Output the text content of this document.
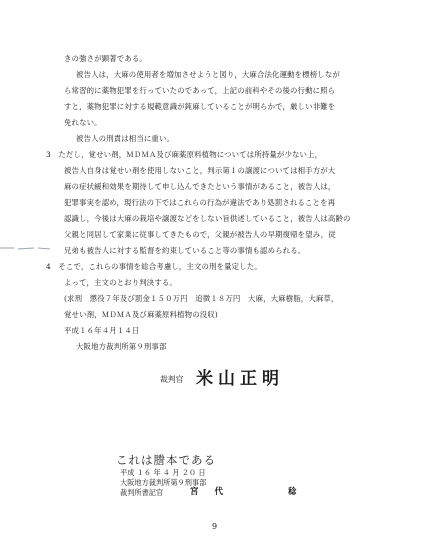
きの強さが顕著である。
被告人は，大麻の使用者を増加させようと図り，大麻合法化運動を標榜しなが
ら常習的に薬物犯罪を行っていたのであって，上記の前科やその後の行動に照ら
すと，薬物犯罪に対する規範意識が鈍麻していることが明らかで，厳しい非難を
免れない。
被告人の刑責は相当に重い。
3　ただし，覚せい剤，ＭＤＭＡ及び麻薬原料植物については所持量が少ない上，
被告人自身は覚せい剤を使用しないこと，判示第１の譲渡については相手方が大
麻の症状緩和効果を期待して申し込んできたという事情があること，被告人は，
犯罪事実を認め，現行法の下ではこれらの行為が違法であり処罰されることを再
認識し，今後は大麻の栽培や譲渡などをしない旨供述していること，被告人は高齢の
父親と同居して家業に従事してきたもので，父親が被告人の早期復帰を望み，従
兄弟も被告人に対する監督を約束していること等の事情も認められる。
4　そこで，これらの事情を総合考慮し，主文の刑を量定した。
よって，主文のとおり判決する。
(求刑　懲役７年及び罰金１５０万円　追徴１８万円　大麻，大麻樹脂，大麻草，
覚せい剤，ＭＤＭＡ及び麻薬原料植物の没収)
平成１６年４月１４日
大阪地方裁判所第９刑事部
裁判官 米山正明
これは謄本である
平成 １６ 年 ４ 月 ２０ 日
大阪地方裁判所第９刑事部
裁判所書記官	宮代　　稔
9
